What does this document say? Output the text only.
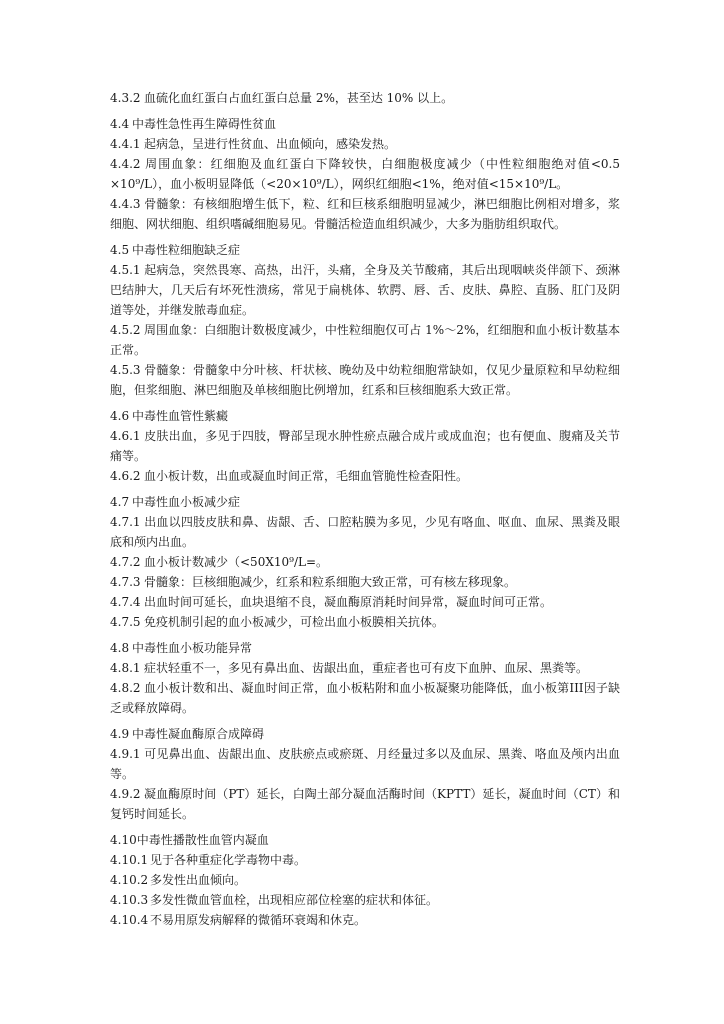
4.3.2 血硫化血红蛋白占血红蛋白总量 2%，甚至达 10% 以上。

4.4 中毒性急性再生障碍性贫血

4.4.1 起病急，呈进行性贫血、出血倾向，感染发热。

4.4.2 周围血象：红细胞及血红蛋白下降较快，白细胞极度减少（中性粒细胞绝对值<0.5 ×10⁹/L），血小板明显降低（<20×10⁹/L），网织红细胞<1%，绝对值<15×10⁹/L。

4.4.3 骨髓象：有核细胞增生低下，粒、红和巨核系细胞明显减少，淋巴细胞比例相对增多，浆细胞、网状细胞、组织嗜碱细胞易见。骨髓活检造血组织减少，大多为脂肪组织取代。

4.5 中毒性粒细胞缺乏症

4.5.1 起病急，突然畏寒、高热，出汗，头痛，全身及关节酸痛，其后出现咽峡炎伴颌下、颈淋巴结肿大，几天后有坏死性溃疡，常见于扁桃体、软腭、唇、舌、皮肤、鼻腔、直肠、肛门及阴道等处，并继发脓毒血症。

4.5.2 周围血象：白细胞计数极度减少，中性粒细胞仅可占 1%～2%，红细胞和血小板计数基本正常。

4.5.3 骨髓象：骨髓象中分叶核、杆状核、晚幼及中幼粒细胞常缺如，仅见少量原粒和早幼粒细胞，但浆细胞、淋巴细胞及单核细胞比例增加，红系和巨核细胞系大致正常。

4.6 中毒性血管性紫癜

4.6.1 皮肤出血，多见于四肢，臀部呈现水肿性瘀点融合成片或成血泡；也有便血、腹痛及关节痛等。

4.6.2 血小板计数，出血或凝血时间正常，毛细血管脆性检查阳性。

4.7 中毒性血小板减少症

4.7.1 出血以四肢皮肤和鼻、齿龈、舌、口腔粘膜为多见，少见有咯血、呕血、血尿、黑粪及眼底和颅内出血。

4.7.2 血小板计数减少（<50X10⁹/L=。

4.7.3 骨髓象：巨核细胞减少，红系和粒系细胞大致正常，可有核左移现象。

4.7.4 出血时间可延长，血块退缩不良，凝血酶原消耗时间异常，凝血时间可正常。

4.7.5 免疫机制引起的血小板减少，可检出血小板膜相关抗体。

4.8 中毒性血小板功能异常

4.8.1 症状轻重不一，多见有鼻出血、齿龈出血，重症者也可有皮下血肿、血尿、黑粪等。

4.8.2 血小板计数和出、凝血时间正常，血小板粘附和血小板凝聚功能降低，血小板第III因子缺乏或释放障碍。

4.9 中毒性凝血酶原合成障碍

4.9.1 可见鼻出血、齿龈出血、皮肤瘀点或瘀斑、月经量过多以及血尿、黑粪、咯血及颅内出血等。

4.9.2 凝血酶原时间（PT）延长，白陶土部分凝血活酶时间（KPTT）延长，凝血时间（CT）和复钙时间延长。

4.10中毒性播散性血管内凝血

4.10.1 见于各种重症化学毒物中毒。

4.10.2 多发性出血倾向。

4.10.3 多发性微血管血栓，出现相应部位栓塞的症状和体征。

4.10.4 不易用原发病解释的微循环衰竭和休克。
